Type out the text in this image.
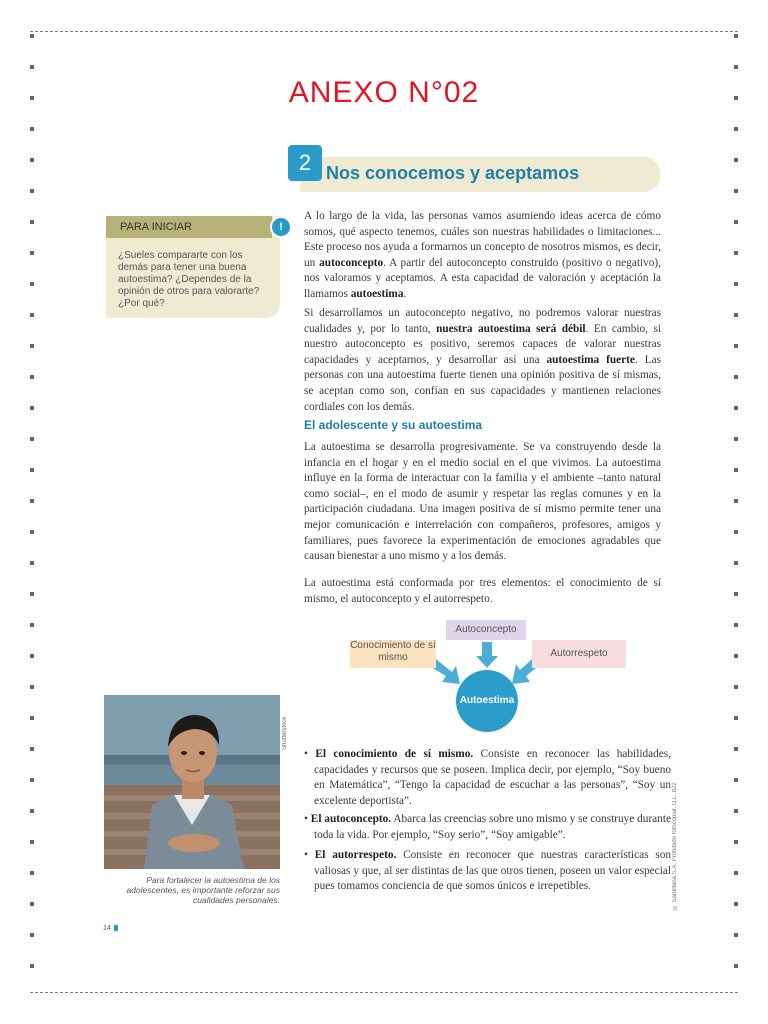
ANEXO N°02
2 Nos conocemos y aceptamos
PARA INICIAR	!
¿Sueles compararte con los demás para tener una buena autoestima? ¿Dependes de la opinión de otros para valorarte? ¿Por qué?

A lo largo de la vida, las personas vamos asumiendo ideas acerca de cómo somos, qué aspecto tenemos, cuáles son nuestras habilidades o limitaciones... Este proceso nos ayuda a formarnos un concepto de nosotros mismos, es decir, un autoconcepto. A partir del autoconcepto construido (positivo o negativo), nos valoramos y aceptamos. A esta capacidad de valoración y aceptación la llamamos autoestima.

Si desarrollamos un autoconcepto negativo, no podremos valorar nuestras cualidades y, por lo tanto, nuestra autoestima será débil. En cambio, si nuestro autoconcepto es positivo, seremos capaces de valorar nuestras capacidades y aceptarnos, y desarrollar así una autoestima fuerte. Las personas con una autoestima fuerte tienen una opinión positiva de sí mismas, se aceptan como son, confían en sus capacidades y mantienen relaciones cordiales con los demás.

El adolescente y su autoestima

La autoestima se desarrolla progresivamente. Se va construyendo desde la infancia en el hogar y en el medio social en el que vivimos. La autoestima influye en la forma de interactuar con la familia y el ambiente –tanto natural como social–, en el modo de asumir y respetar las reglas comunes y en la participación ciudadana. Una imagen positiva de sí mismo permite tener una mejor comunicación e interrelación con compañeros, profesores, amigos y familiares, pues favorece la experimentación de emociones agradables que causan bienestar a uno mismo y a los demás.

La autoestima está conformada por tres elementos: el conocimiento de sí mismo, el autoconcepto y el autorrespeto.

Conocimiento de sí mismo
Autoconcepto
Autorrespeto
Autoestima
Shutterstock
Para fortalecer la autoestima de los adolescentes, es importante reforzar sus cualidades personales.

• El conocimiento de sí mismo. Consiste en reconocer las habilidades, capacidades y recursos que se poseen. Implica decir, por ejemplo, “Soy bueno en Matemática”, “Tengo la capacidad de escuchar a las personas”, “Soy un excelente deportista”.

• El autoconcepto. Abarca las creencias sobre uno mismo y se construye durante toda la vida. Por ejemplo, “Soy serio”, “Soy amigable”.

• El autorrespeto. Consiste en reconocer que nuestras características son valiosas y que, al ser distintas de las que otros tienen, poseen un valor especial pues tomamos conciencia de que somos únicos e irrepetibles.	© Santillana S.A. Prohibido fotocopiar. D.L. 822
14
